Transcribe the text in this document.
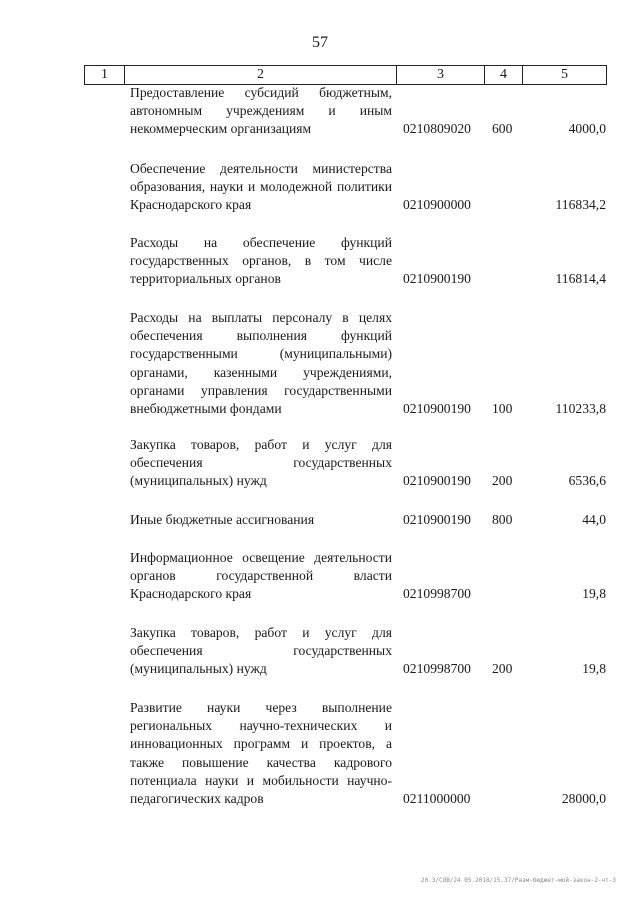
57
1	2	3	4	5
Предоставление субсидий бюджетным, автономным учреждениям и иным некоммерческим организациям	0210809020 600	4000,0
Обеспечение деятельности министерства образования, науки и молодежной политики Краснодарского края	0210900000	116834,2
Расходы на обеспечение функций государственных органов, в том числе территориальных органов	0210900190	116814,4
Расходы на выплаты персоналу в целях обеспечения выполнения функций государственными (муниципальными) органами, казенными учреждениями, органами управления государственными внебюджетными фондами	0210900190 100	110233,8
Закупка товаров, работ и услуг для обеспечения государственных (муниципальных) нужд	0210900190 200	6536,6
Иные бюджетные ассигнования	0210900190 800	44,0
Информационное освещение деятельности органов государственной власти Краснодарского края	0210998700	19,8
Закупка товаров, работ и услуг для обеспечения государственных (муниципальных) нужд	0210998700 200	19,8
Развитие науки через выполнение региональных научно-технических и инновационных программ и проектов, а также повышение качества кадрового потенциала науки и мобильности научно-педагогических кадров	0211000000	28000,0
20.3/COB/24 05.2018/15.37/Разм-бюджет-мой-закон-2-чт-3
